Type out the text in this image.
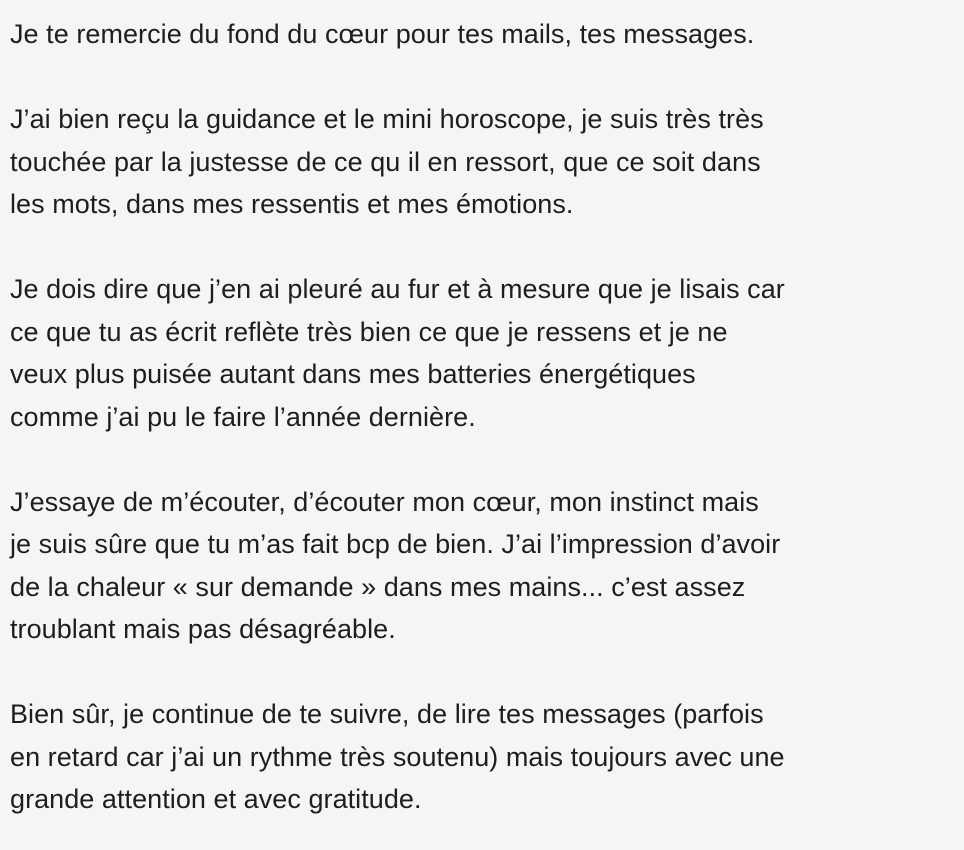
Je te remercie du fond du cœur pour tes mails, tes messages.

J’ai bien reçu la guidance et le mini horoscope, je suis très très
touchée par la justesse de ce qu il en ressort, que ce soit dans
les mots, dans mes ressentis et mes émotions.

Je dois dire que j’en ai pleuré au fur et à mesure que je lisais car
ce que tu as écrit reflète très bien ce que je ressens et je ne
veux plus puisée autant dans mes batteries énergétiques
comme j’ai pu le faire l’année dernière.

J’essaye de m’écouter, d’écouter mon cœur, mon instinct mais
je suis sûre que tu m’as fait bcp de bien. J’ai l’impression d’avoir
de la chaleur « sur demande » dans mes mains... c’est assez
troublant mais pas désagréable.

Bien sûr, je continue de te suivre, de lire tes messages (parfois
en retard car j’ai un rythme très soutenu) mais toujours avec une
grande attention et avec gratitude.
